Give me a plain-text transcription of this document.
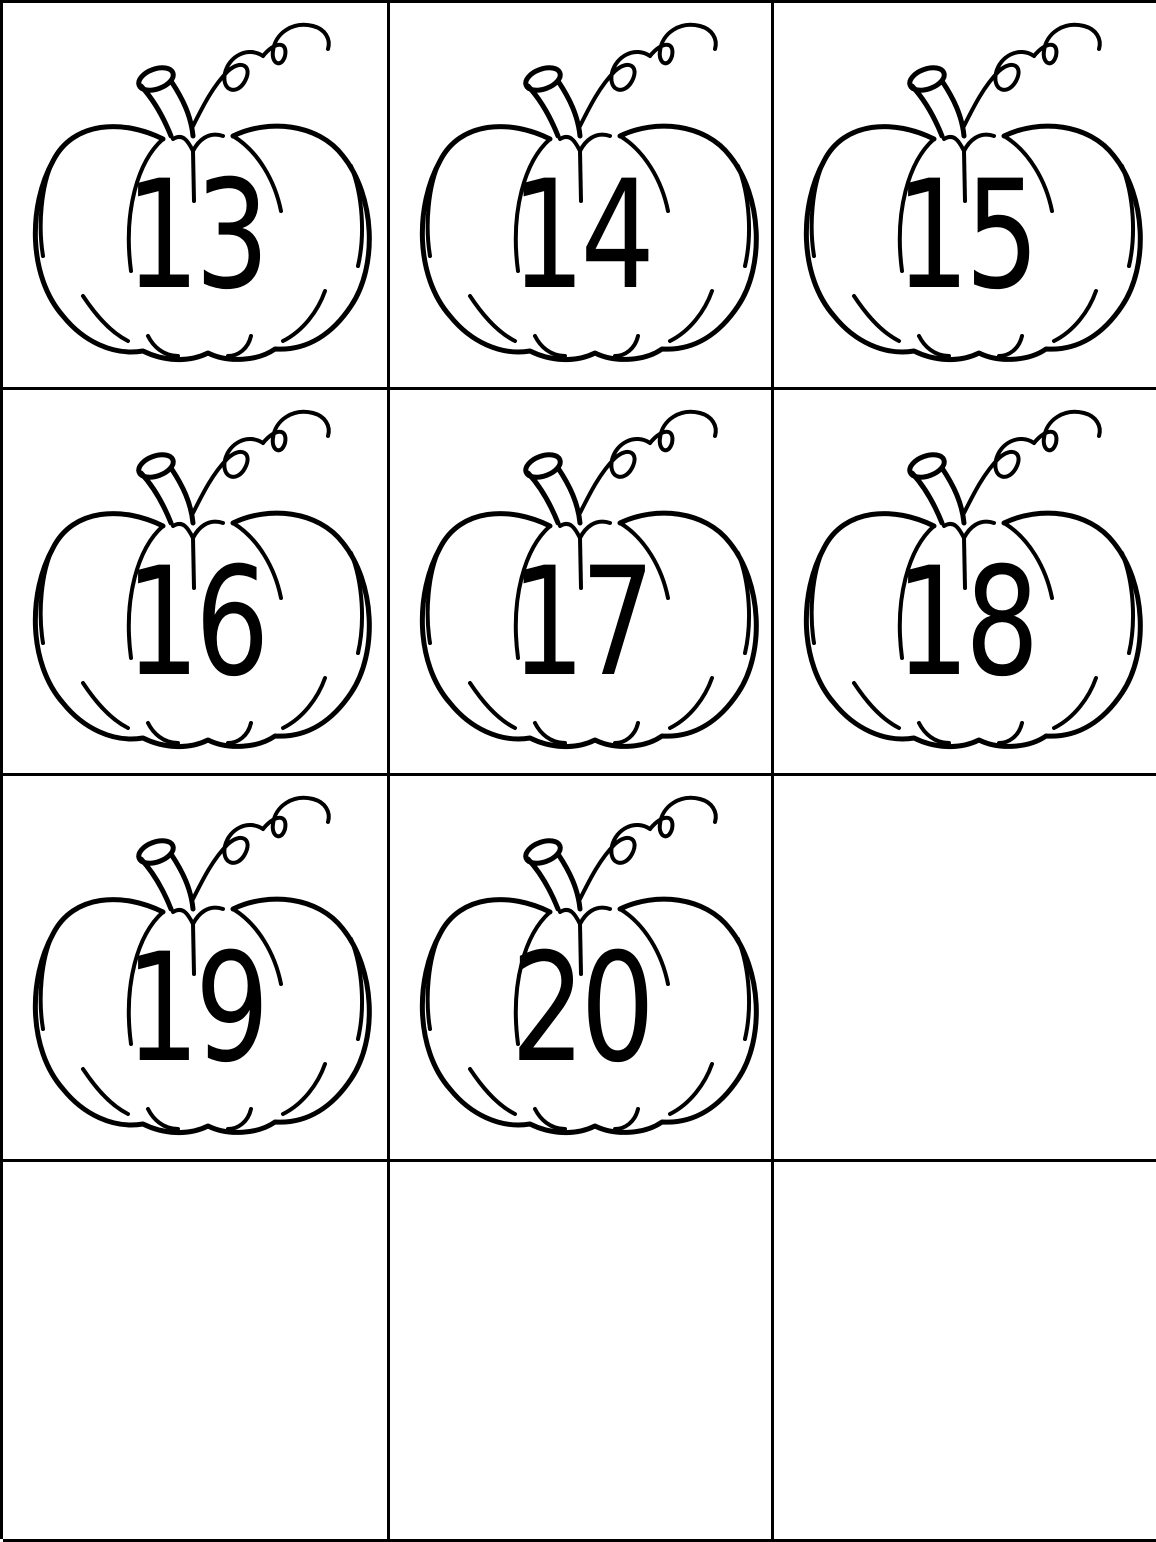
13	14	15
16	17	18
19	20
